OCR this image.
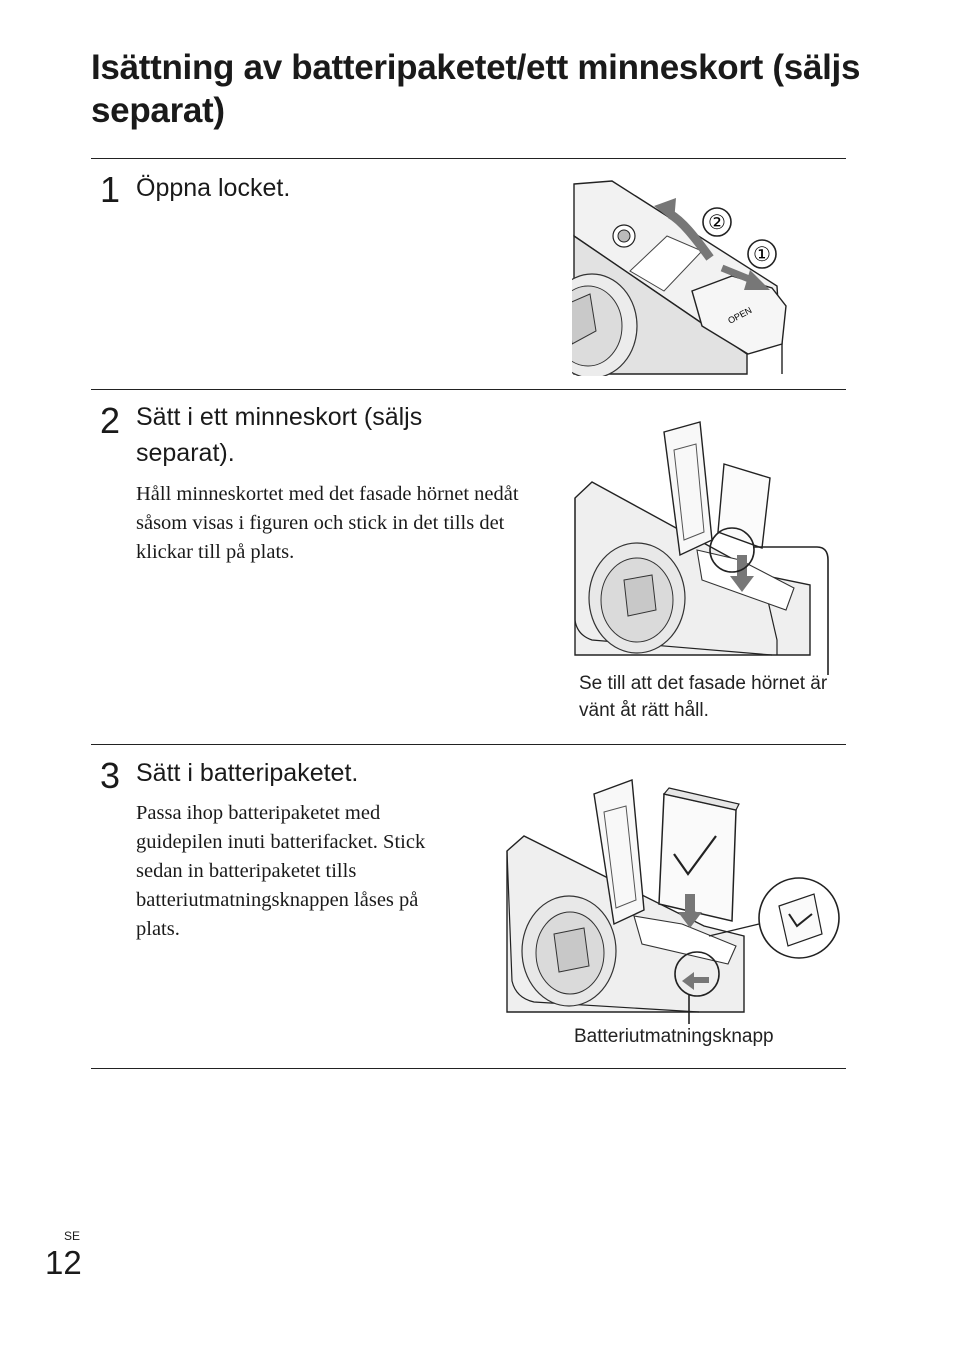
Isättning av batteripaketet/ett minneskort (säljs separat)
1 Öppna locket.
OPEN
②
①
2 Sätt i ett minneskort (säljs separat).

Håll minneskortet med det fasade hörnet nedåt såsom visas i figuren och stick in det tills det klickar till på plats.

Se till att det fasade hörnet är vänt åt rätt håll.
3 Sätt i batteripaketet.

Passa ihop batteripaketet med guidepilen inuti batterifacket. Stick sedan in batteripaketet tills batteriutmatningsknappen låses på plats.

Batteriutmatningsknapp
SE
12
